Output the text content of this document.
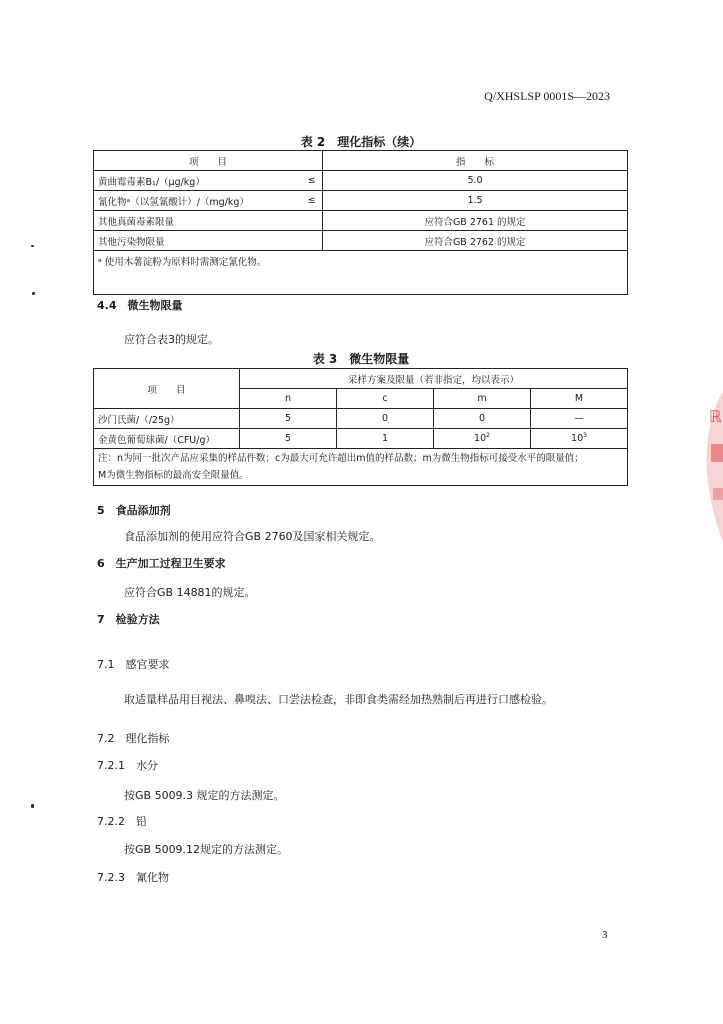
Q/XHSLSP 0001S—2023
表 2　理化指标（续）
项　　目		指　　标
黄曲霉毒素B₁/（μg/kg）	≤	5.0
氰化物ᵃ（以氢氰酸计）/（mg/kg）	≤	1.5
其他真菌毒素限量		应符合GB 2761 的规定
其他污染物限量		应符合GB 2762 的规定
ᵃ 使用木薯淀粉为原料时需测定氰化物。		
4.4　微生物限量
应符合表3的规定。
表 3　微生物限量
项　　目	采样方案及限量（若非指定，均以表示）			
	n	c	m	M
沙门氏菌/（/25g）	5	0	0	—
金黄色葡萄球菌/（CFU/g）	5	1	$10^2$	$10^3$

注：n为同一批次产品应采集的样品件数；c为最大可允许超出m值的样品数；m为微生物指标可接受水平的限量值；
M为微生物指标的最高安全限量值。				
5　食品添加剂
食品添加剂的使用应符合GB 2760及国家相关规定。
6　生产加工过程卫生要求
应符合GB 14881的规定。
7　检验方法
7.1　感官要求
取适量样品用目视法、鼻嗅法、口尝法检查，非即食类需经加热熟制后再进行口感检验。
7.2　理化指标
7.2.1　水分
按GB 5009.3 规定的方法测定。
7.2.2　铅
按GB 5009.12规定的方法测定。
7.2.3　氰化物
3
ℝ
